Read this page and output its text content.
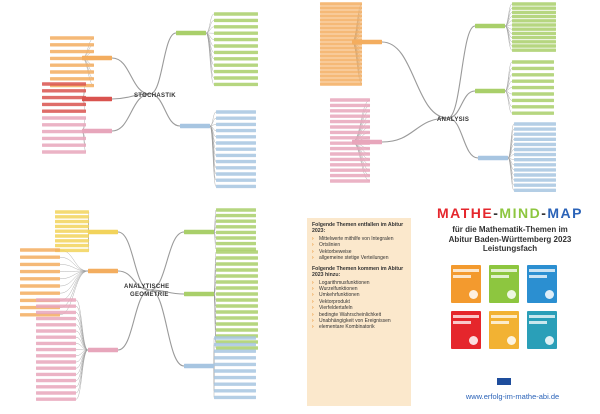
STOCHASTIK
ANALYSIS
ANALYTISCHE
GEOMETRIE
Folgende Themen entfallen im Abitur 2023:
› Mittelwerte mithilfe von Integralen
› Ortslinien
› Vektorbeweise
› allgemeine stetige Verteilungen
Folgende Themen kommen im Abitur 2023 hinzu:
› Logarithmusfunktionen
› Wurzelfunktionen
› Umkehrfunktionen
› Vektorprodukt
› Vierfeldertafeln
› bedingte Wahrscheinlichkeit
› Unabhängigkeit von Ereignissen
› elementare Kombinatorik
MATHE-MIND-MAP
für die Mathematik-Themen im
Abitur Baden-Württemberg 2023
Leistungsfach
www.erfolg-im-mathe-abi.de
